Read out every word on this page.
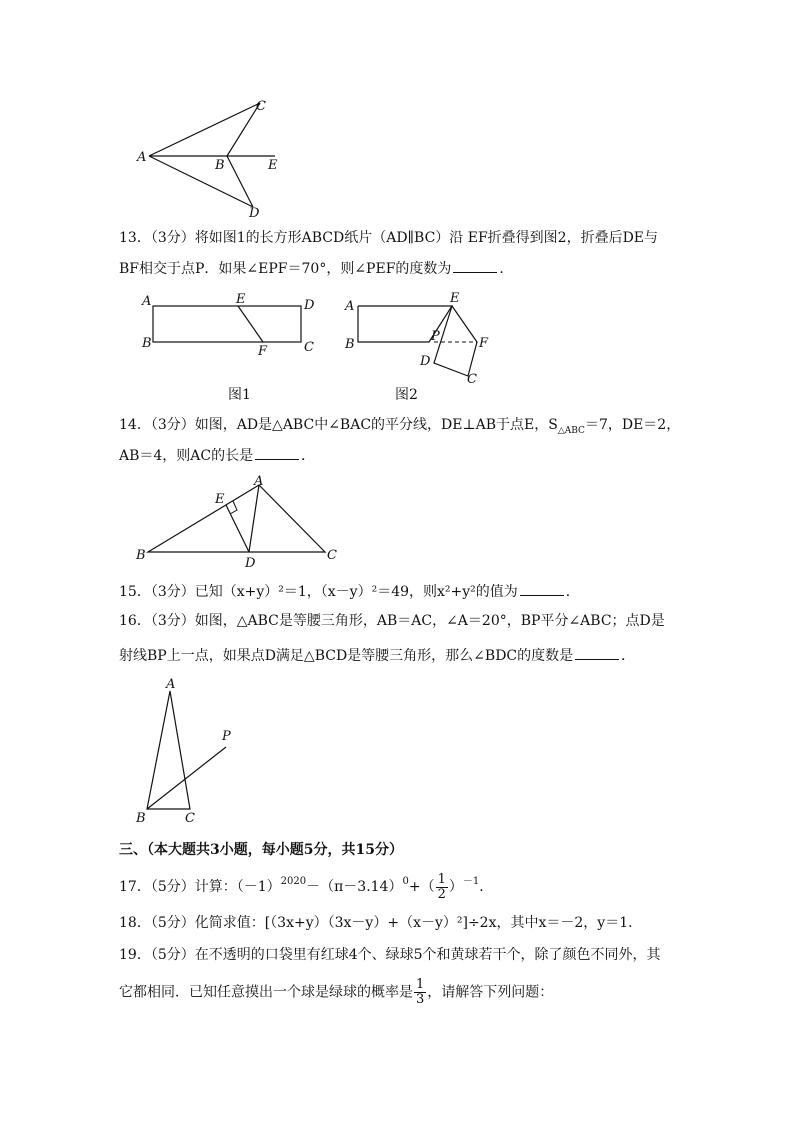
C
A
B	E
D
13．（3分）将如图1的长方形ABCD纸片（AD∥BC）沿 EF折叠得到图2，折叠后DE与
BF相交于点P．如果∠EPF＝70°，则∠PEF的度数为	．
A	E	D
B
F	C
图1
A
E
B
P	F
D
C
图2
14．（3分）如图，AD是△ABC中∠BAC的平分线，DE⊥AB于点E，$S_{\triangle ABC}=7$，DE＝2，
AB＝4，则AC的长是	．
A
E
B
D
C
15．（3分）已知（x+y）²＝1，（x－y）²＝49，则x²+y²的值为	．
16．（3分）如图，△ABC是等腰三角形，AB＝AC，∠A＝20°，BP平分∠ABC；点D是
射线BP上一点，如果点D满足△BCD是等腰三角形，那么∠BDC的度数是	．
A
P
B	C
三、（本大题共3小题，每小题5分，共15分）
17．（5分）计算：$(-1)^{2020}-(\pi-3.14)^0+( \frac{1}{2} )^{-1}$．
18．（5分）化简求值：[（3x+y）（3x－y）+（x－y）²]÷2x，其中x＝－2，y＝1．
19．（5分）在不透明的口袋里有红球4个、绿球5个和黄球若干个，除了颜色不同外，其
它都相同．已知任意摸出一个球是绿球的概率是 $\frac{1}{3}$ ，请解答下列问题：
